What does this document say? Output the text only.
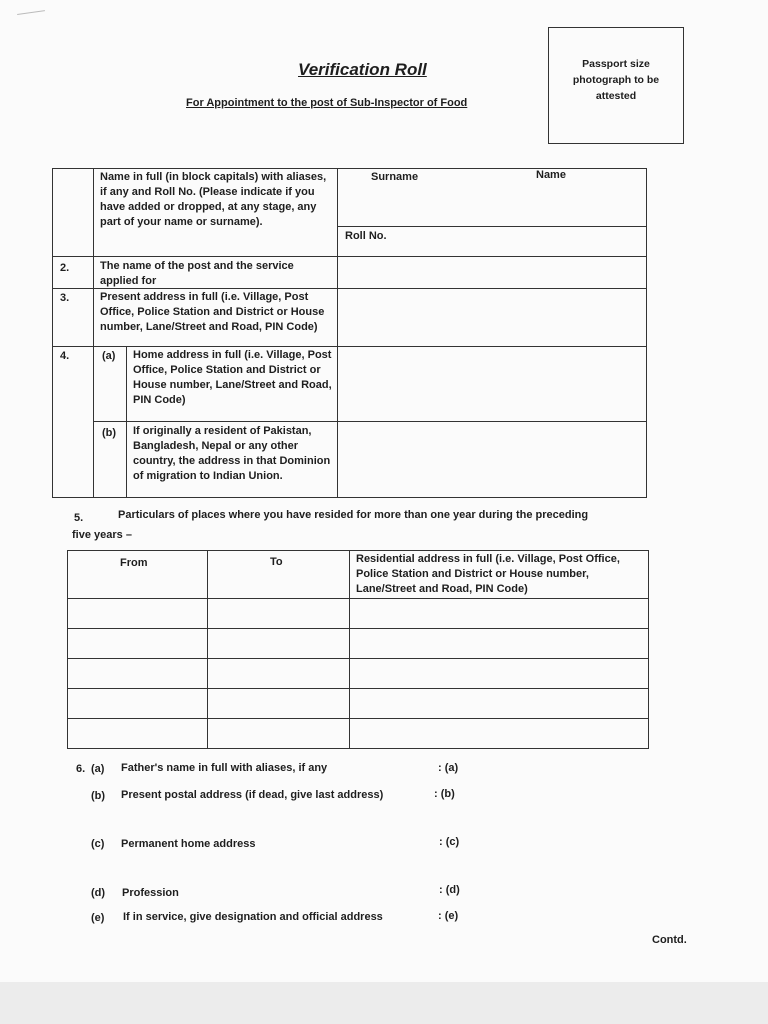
Verification Roll
For Appointment to the post of Sub-Inspector of Food
Passport size photograph to be attested
Name in full (in block capitals) with aliases, if any and Roll No. (Please indicate if you have added or dropped, at any stage, any part of your name or surname).
Surname	Name
Roll No.
2.	The name of the post and the service applied for
3.	Present address in full (i.e. Village, Post Office, Police Station and District or House number, Lane/Street and Road, PIN Code)
4.	(a) Home address in full (i.e. Village, Post Office, Police Station and District or House number, Lane/Street and Road, PIN Code)
(b) If originally a resident of Pakistan, Bangladesh, Nepal or any other country, the address in that Dominion of migration to Indian Union.
5.	Particulars of places where you have resided for more than one year during the preceding
five years –
From	To	Residential address in full (i.e. Village, Post Office, Police Station and District or House number, Lane/Street and Road, PIN Code)
6. (a) Father's name in full with aliases, if any	: (a)
(b) Present postal address (if dead, give last address)	: (b)
(c) Permanent home address	: (c)
(d) Profession	: (d)
(e) If in service, give designation and official address	: (e)
Contd.
